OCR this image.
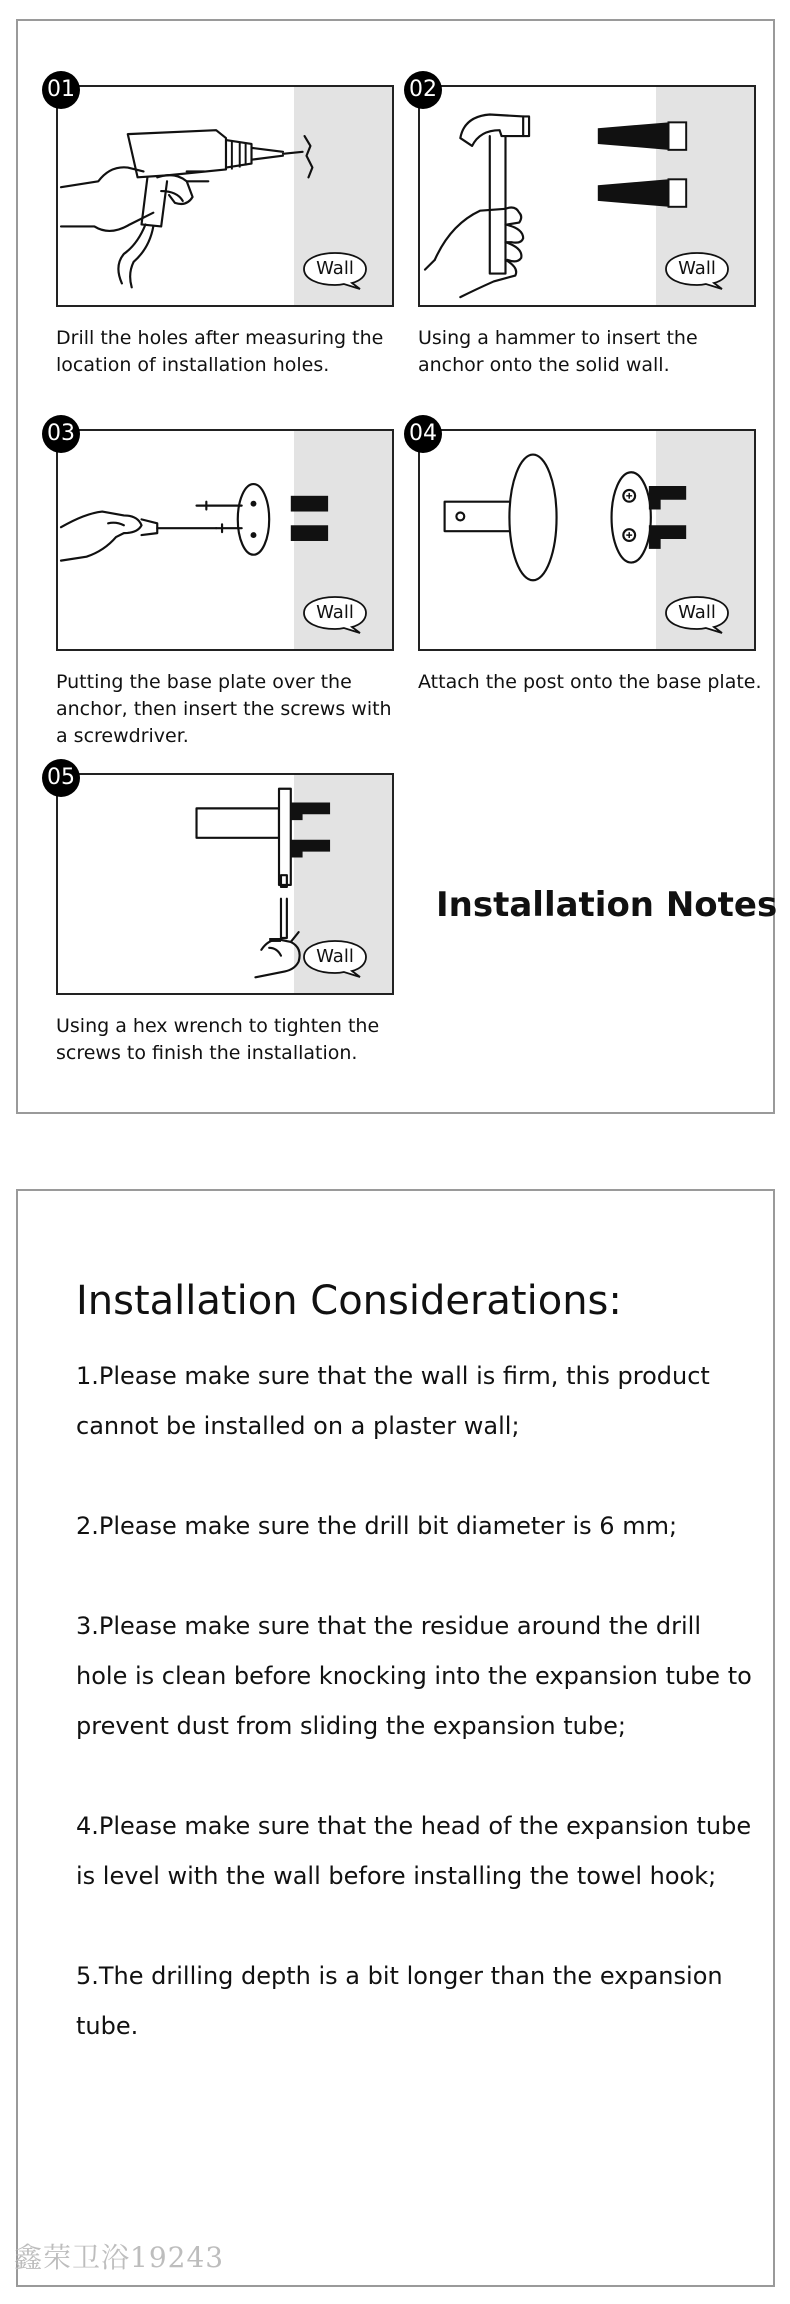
01
Wall
Drill the holes after measuring the location of installation holes.
02
Wall
Using a hammer to insert the anchor onto the solid wall.
03
Wall
Putting the base plate over the anchor, then insert the screws with a screwdriver.
04
Wall
Attach the post onto the base plate.
05
Wall
Using a hex wrench to tighten the screws to finish the installation.
Installation Notes
Installation Considerations:

1.Please make sure that the wall is firm, this product cannot be installed on a plaster wall;

2.Please make sure the drill bit diameter is 6 mm;

3.Please make sure that the residue around the drill hole is clean before knocking into the expansion tube to prevent dust from sliding the expansion tube;

4.Please make sure that the head of the expansion tube is level with the wall before installing the towel hook;

5.The drilling depth is a bit longer than the expansion tube.

鑫荣卫浴19243
